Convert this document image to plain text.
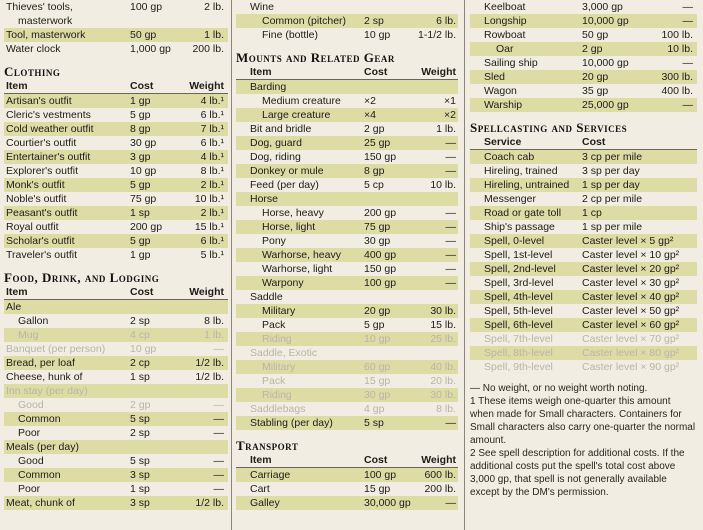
Thieves' tools,	100 gp	2 lb.
masterwork
Tool, masterwork	50 gp	1 lb.
Water clock	1,000 gp	200 lb.
Clothing
Item	Cost	Weight
Artisan's outfit	1 gp	4 lb.¹
Cleric's vestments	5 gp	6 lb.¹
Cold weather outfit	8 gp	7 lb.¹
Courtier's outfit	30 gp	6 lb.¹
Entertainer's outfit	3 gp	4 lb.¹
Explorer's outfit	10 gp	8 lb.¹
Monk's outfit	5 gp	2 lb.¹
Noble's outfit	75 gp	10 lb.¹
Peasant's outfit	1 sp	2 lb.¹
Royal outfit	200 gp	15 lb.¹
Scholar's outfit	5 gp	6 lb.¹
Traveler's outfit	1 gp	5 lb.¹
Food, Drink, and Lodging
Item	Cost	Weight
Ale
Gallon	2 sp	8 lb.
Mug	4 cp	1 lb.
Banquet (per person) 10 gp	—
Bread, per loaf	2 cp	1/2 lb.
Cheese, hunk of	1 sp	1/2 lb.
Inn stay (per day)
Good	2 gp	—
Common	5 sp	—
Poor	2 sp	—
Meals (per day)
Good	5 sp	—
Common	3 sp	—
Poor	1 sp	—
Meat, chunk of	3 sp	1/2 lb.
Wine
Common (pitcher) 2 sp	6 lb.
Fine (bottle)	10 gp	1-1/2 lb.
Mounts and Related Gear
Item	Cost	Weight
Barding
Medium creature ×2	×1
Large creature	×4	×2
Bit and bridle	2 gp	1 lb.
Dog, guard	25 gp	—
Dog, riding	150 gp	—
Donkey or mule	8 gp	—
Feed (per day)	5 cp	10 lb.
Horse
Horse, heavy	200 gp	—
Horse, light	75 gp	—
Pony	30 gp	—
Warhorse, heavy 400 gp	—
Warhorse, light	150 gp	—
Warpony	100 gp	—
Saddle
Military	20 gp	30 lb.
Pack	5 gp	15 lb.
Riding	10 gp	25 lb.
Saddle, Exotic
Military	60 gp	40 lb.
Pack	15 gp	20 lb.
Riding	30 gp	30 lb.
Saddlebags	4 gp	8 lb.
Stabling (per day)	5 sp	—
Transport
Item	Cost	Weight
Carriage	100 gp	600 lb.
Cart	15 gp	200 lb.
Galley	30,000 gp	—
Keelboat	3,000 gp	—
Longship	10,000 gp	—
Rowboat	50 gp	100 lb.
Oar	2 gp	10 lb.
Sailing ship	10,000 gp	—
Sled	20 gp	300 lb.
Wagon	35 gp	400 lb.
Warship	25,000 gp	—
Spellcasting and Services
Service	Cost
Coach cab	3 cp per mile
Hireling, trained 3 sp per day
Hireling, untrained 1 sp per day
Messenger	2 cp per mile
Road or gate toll 1 cp
Ship's passage	1 sp per mile
Spell, 0-level	Caster level × 5 gp²
Spell, 1st-level	Caster level × 10 gp²
Spell, 2nd-level Caster level × 20 gp²
Spell, 3rd-level	Caster level × 30 gp²
Spell, 4th-level	Caster level × 40 gp²
Spell, 5th-level	Caster level × 50 gp²
Spell, 6th-level	Caster level × 60 gp²
Spell, 7th-level	Caster level × 70 gp²
Spell, 8th-level	Caster level × 80 gp²
Spell, 9th-level	Caster level × 90 gp²

— No weight, or no weight worth noting.

1 These items weigh one-quarter this amount when made for Small characters. Containers for Small characters also carry one-quarter the normal amount.

2 See spell description for additional costs. If the additional costs put the spell's total cost above 3,000 gp, that spell is not generally available except by the DM's permission.
